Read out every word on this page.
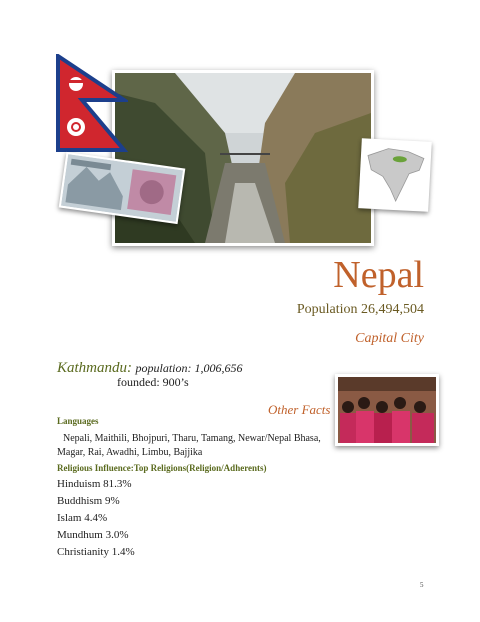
Nepal
Population 26,494,504
Capital City
Kathmandu: population: 1,006,656
founded: 900’s
Other Facts
Languages
Nepali, Maithili, Bhojpuri, Tharu, Tamang, Newar/Nepal Bhasa, Magar, Rai, Awadhi, Limbu, Bajjika
Religious Influence:Top Religions(Religion/Adherents)
Hinduism 81.3%
Buddhism 9%
Islam 4.4%
Mundhum 3.0%
Christianity 1.4%
5
